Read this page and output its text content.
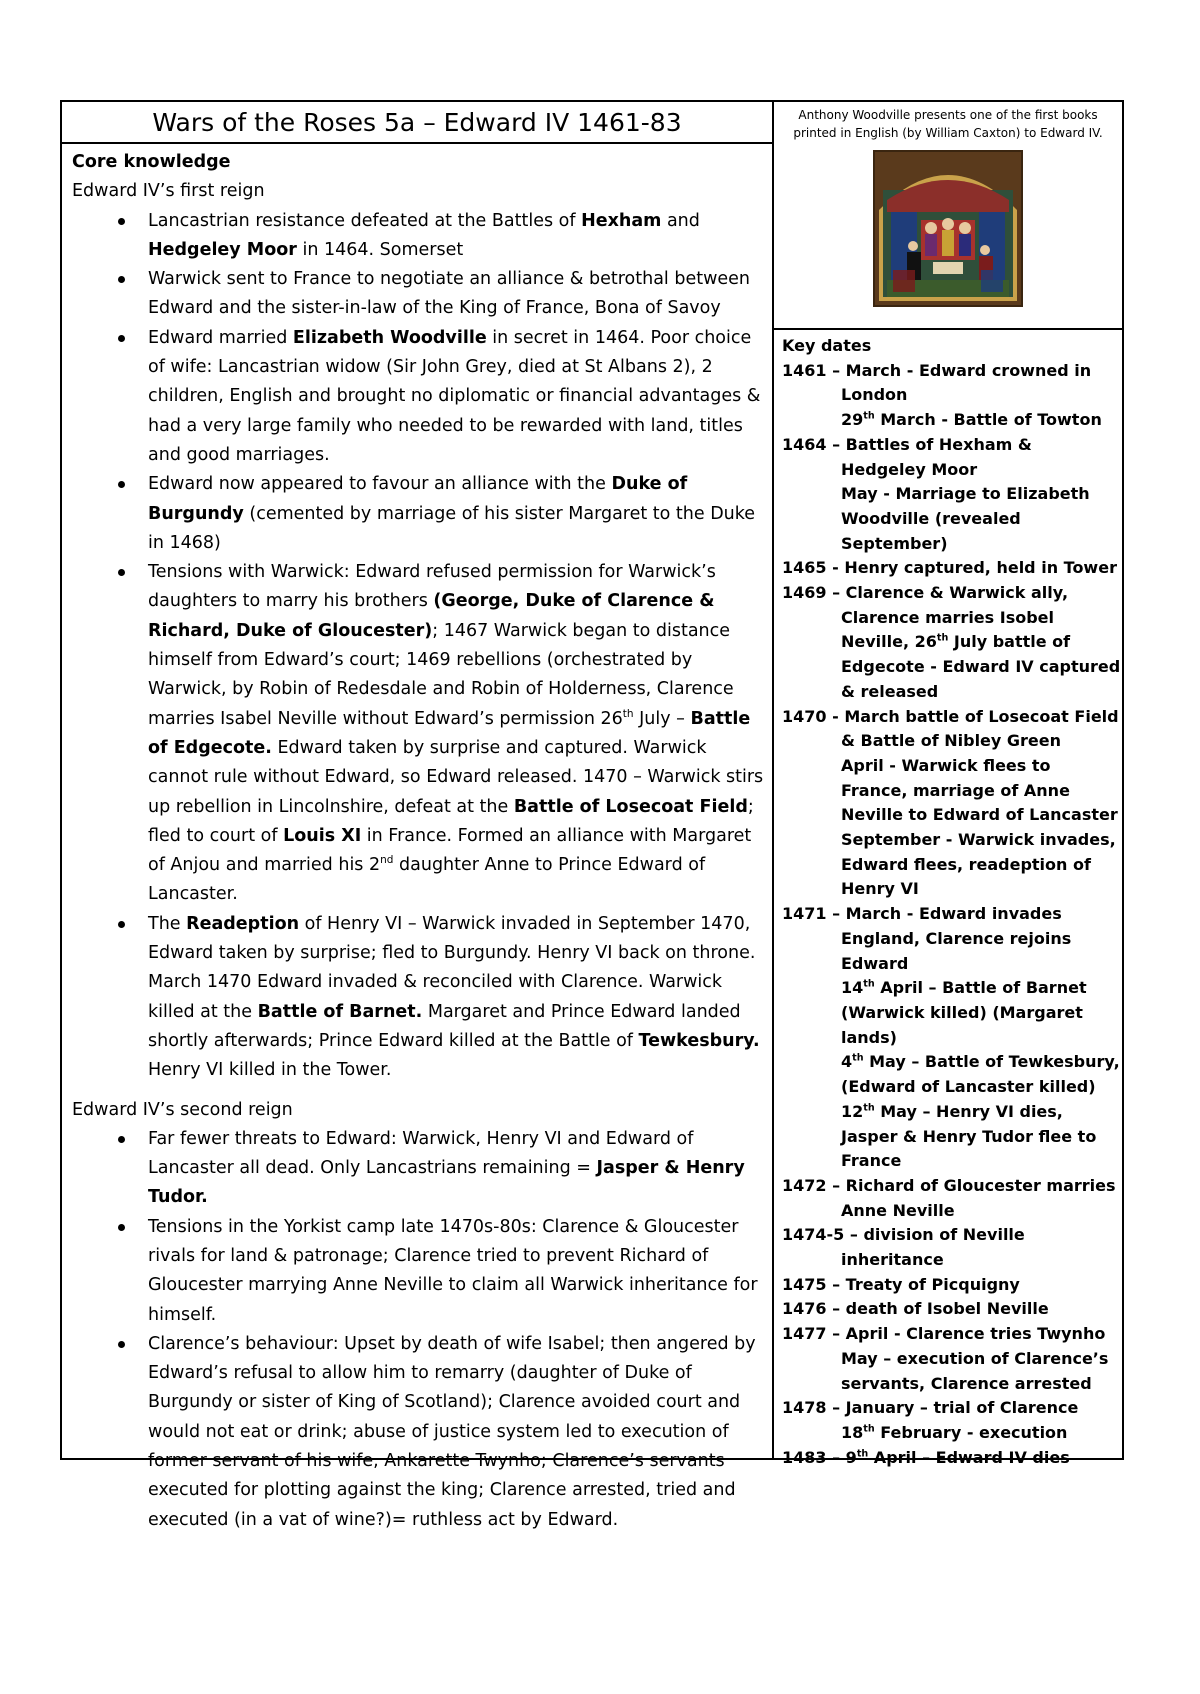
Wars of the Roses 5a – Edward IV 1461-83
Core knowledge
Edward IV’s first reign
Lancastrian resistance defeated at the Battles of Hexham and Hedgeley Moor in 1464. Somerset
Warwick sent to France to negotiate an alliance & betrothal between Edward and the sister-in-law of the King of France, Bona of Savoy
Edward married Elizabeth Woodville in secret in 1464. Poor choice of wife: Lancastrian widow (Sir John Grey, died at St Albans 2), 2 children, English and brought no diplomatic or financial advantages & had a very large family who needed to be rewarded with land, titles and good marriages.
Edward now appeared to favour an alliance with the Duke of Burgundy (cemented by marriage of his sister Margaret to the Duke in 1468)
Tensions with Warwick: Edward refused permission for Warwick’s daughters to marry his brothers (George, Duke of Clarence & Richard, Duke of Gloucester); 1467 Warwick began to distance himself from Edward’s court; 1469 rebellions (orchestrated by Warwick, by Robin of Redesdale and Robin of Holderness, Clarence marries Isabel Neville without Edward’s permission 26th July – Battle of Edgecote. Edward taken by surprise and captured. Warwick cannot rule without Edward, so Edward released. 1470 – Warwick stirs up rebellion in Lincolnshire, defeat at the Battle of Losecoat Field; fled to court of Louis XI in France. Formed an alliance with Margaret of Anjou and married his 2nd daughter Anne to Prince Edward of Lancaster.
The Readeption of Henry VI – Warwick invaded in September 1470, Edward taken by surprise; fled to Burgundy. Henry VI back on throne. March 1470 Edward invaded & reconciled with Clarence. Warwick killed at the Battle of Barnet. Margaret and Prince Edward landed shortly afterwards; Prince Edward killed at the Battle of Tewkesbury. Henry VI killed in the Tower.
Edward IV’s second reign
Far fewer threats to Edward: Warwick, Henry VI and Edward of Lancaster all dead. Only Lancastrians remaining = Jasper & Henry Tudor.
Tensions in the Yorkist camp late 1470s-80s: Clarence & Gloucester rivals for land & patronage; Clarence tried to prevent Richard of Gloucester marrying Anne Neville to claim all Warwick inheritance for himself.
Clarence’s behaviour: Upset by death of wife Isabel; then angered by Edward’s refusal to allow him to remarry (daughter of Duke of Burgundy or sister of King of Scotland); Clarence avoided court and would not eat or drink; abuse of justice system led to execution of former servant of his wife, Ankarette Twynho; Clarence’s servants executed for plotting against the king; Clarence arrested, tried and executed (in a vat of wine?)= ruthless act by Edward.
Anthony Woodville presents one of the first books printed in English (by William Caxton) to Edward IV.
Key dates
1461 – March - Edward crowned in London
29th March - Battle of Towton
1464 – Battles of Hexham & Hedgeley Moor
May - Marriage to Elizabeth Woodville (revealed September)
1465 - Henry captured, held in Tower
1469 – Clarence & Warwick ally, Clarence marries Isobel Neville, 26th July battle of Edgecote - Edward IV captured & released
1470 - March battle of Losecoat Field & Battle of Nibley Green
April - Warwick flees to France, marriage of Anne Neville to Edward of Lancaster
September - Warwick invades, Edward flees, readeption of Henry VI
1471 – March - Edward invades England, Clarence rejoins Edward
14th April – Battle of Barnet (Warwick killed) (Margaret lands)
4th May – Battle of Tewkesbury, (Edward of Lancaster killed)
12th May – Henry VI dies, Jasper & Henry Tudor flee to France
1472 – Richard of Gloucester marries Anne Neville
1474-5 – division of Neville inheritance
1475 – Treaty of Picquigny
1476 – death of Isobel Neville
1477 – April - Clarence tries Twynho
May – execution of Clarence’s servants, Clarence arrested
1478 – January – trial of Clarence
18th February - execution
1483 – 9th April – Edward IV dies
